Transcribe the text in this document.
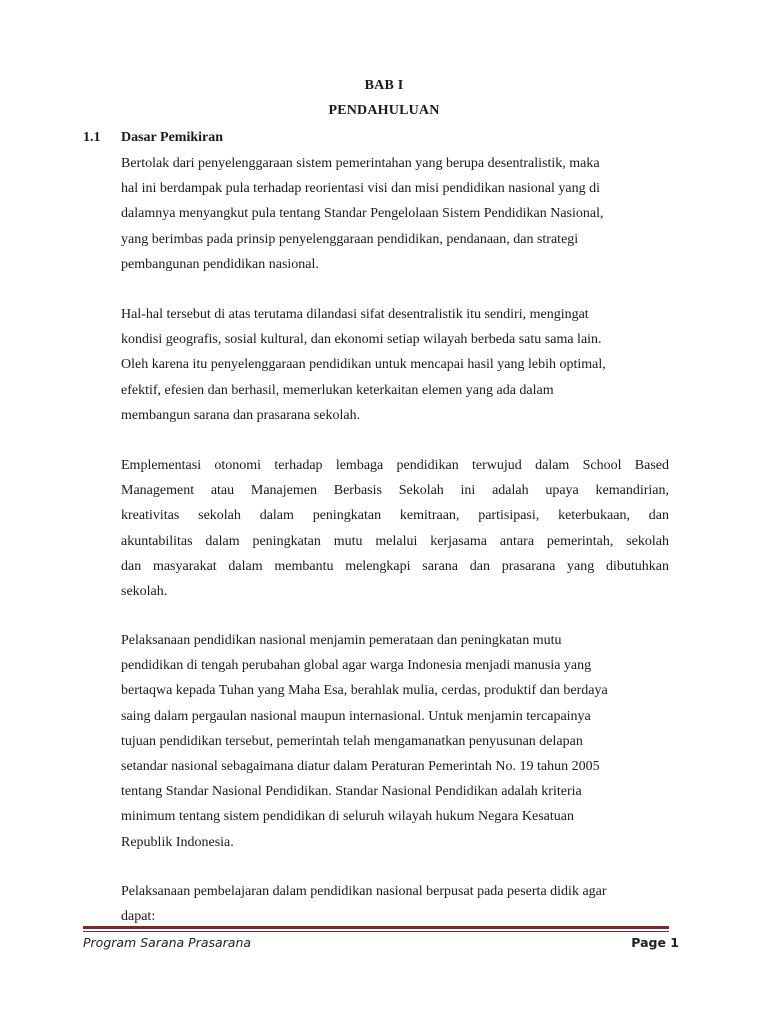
BAB I
PENDAHULUAN
1.1 Dasar Pemikiran
Bertolak dari penyelenggaraan sistem pemerintahan yang berupa desentralistik, maka
hal ini berdampak pula terhadap reorientasi visi dan misi pendidikan nasional yang di
dalamnya menyangkut pula tentang Standar Pengelolaan Sistem Pendidikan Nasional,
yang berimbas pada prinsip penyelenggaraan pendidikan, pendanaan, dan strategi
pembangunan pendidikan nasional.
Hal-hal tersebut di atas terutama dilandasi sifat desentralistik itu sendiri, mengingat
kondisi geografis, sosial kultural, dan ekonomi setiap wilayah berbeda satu sama lain.
Oleh karena itu penyelenggaraan pendidikan untuk mencapai hasil yang lebih optimal,
efektif, efesien dan berhasil, memerlukan keterkaitan elemen yang ada dalam
membangun sarana dan prasarana sekolah.
Emplementasi otonomi terhadap lembaga pendidikan terwujud dalam School Based
Management atau Manajemen Berbasis Sekolah ini adalah upaya kemandirian,
kreativitas sekolah dalam peningkatan kemitraan, partisipasi, keterbukaan, dan
akuntabilitas dalam peningkatan mutu melalui kerjasama antara pemerintah, sekolah
dan masyarakat dalam membantu melengkapi sarana dan prasarana yang dibutuhkan
sekolah.
Pelaksanaan pendidikan nasional menjamin pemerataan dan peningkatan mutu
pendidikan di tengah perubahan global agar warga Indonesia menjadi manusia yang
bertaqwa kepada Tuhan yang Maha Esa, berahlak mulia, cerdas, produktif dan berdaya
saing dalam pergaulan nasional maupun internasional. Untuk menjamin tercapainya
tujuan pendidikan tersebut, pemerintah telah mengamanatkan penyusunan delapan
setandar nasional sebagaimana diatur dalam Peraturan Pemerintah No. 19 tahun 2005
tentang Standar Nasional Pendidikan. Standar Nasional Pendidikan adalah kriteria
minimum tentang sistem pendidikan di seluruh wilayah hukum Negara Kesatuan
Republik Indonesia.
Pelaksanaan pembelajaran dalam pendidikan nasional berpusat pada peserta didik agar
dapat:
Program Sarana Prasarana	Page 1
